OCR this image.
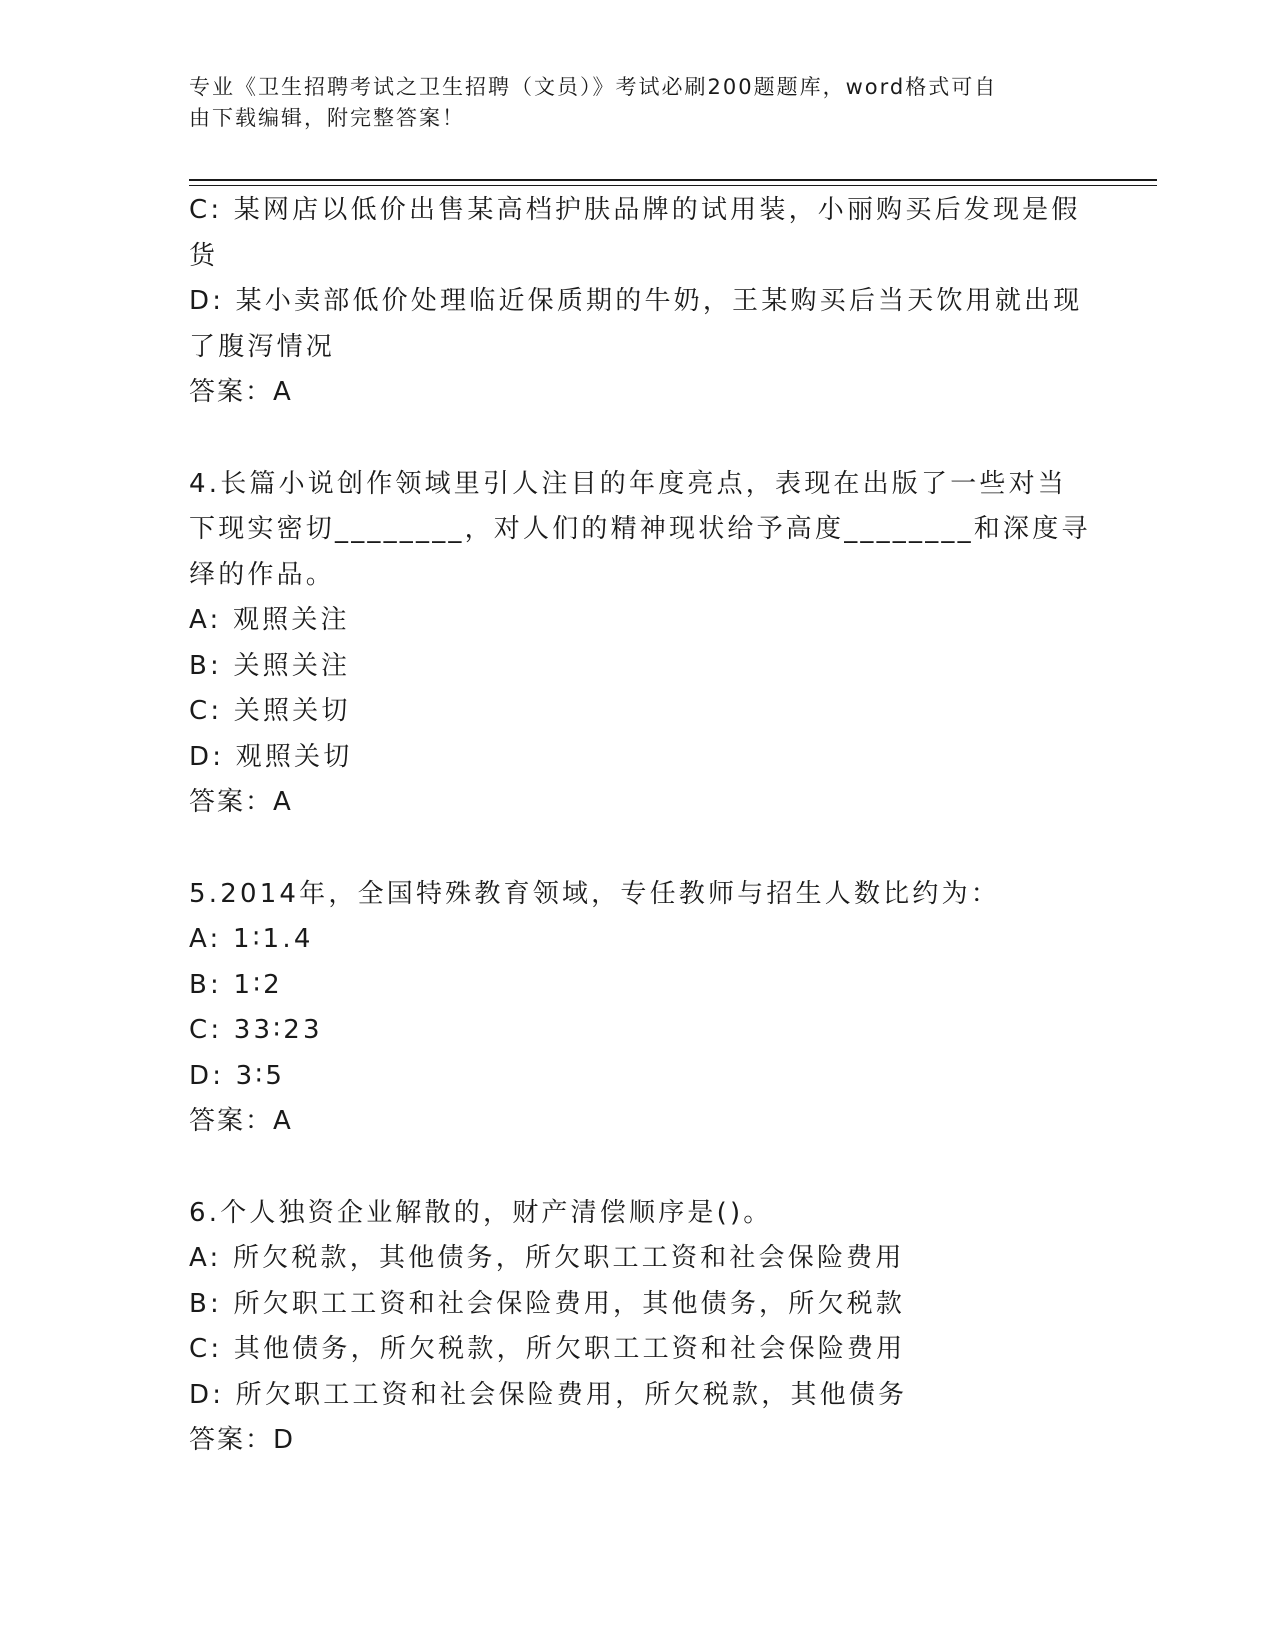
专业《卫生招聘考试之卫生招聘（文员）》考试必刷200题题库，word格式可自
由下载编辑，附完整答案！
C: 某网店以低价出售某高档护肤品牌的试用装，小丽购买后发现是假
货
D: 某小卖部低价处理临近保质期的牛奶，王某购买后当天饮用就出现
了腹泻情况
答案：A
4.长篇小说创作领域里引人注目的年度亮点，表现在出版了一些对当
下现实密切________，对人们的精神现状给予高度________和深度寻
绎的作品。
A: 观照关注
B: 关照关注
C: 关照关切
D: 观照关切
答案：A
5.2014年，全国特殊教育领域，专任教师与招生人数比约为：
A: 1∶1.4
B: 1∶2
C: 33∶23
D: 3∶5
答案：A
6.个人独资企业解散的，财产清偿顺序是()。
A: 所欠税款，其他债务，所欠职工工资和社会保险费用
B: 所欠职工工资和社会保险费用，其他债务，所欠税款
C: 其他债务，所欠税款，所欠职工工资和社会保险费用
D: 所欠职工工资和社会保险费用，所欠税款，其他债务
答案：D
